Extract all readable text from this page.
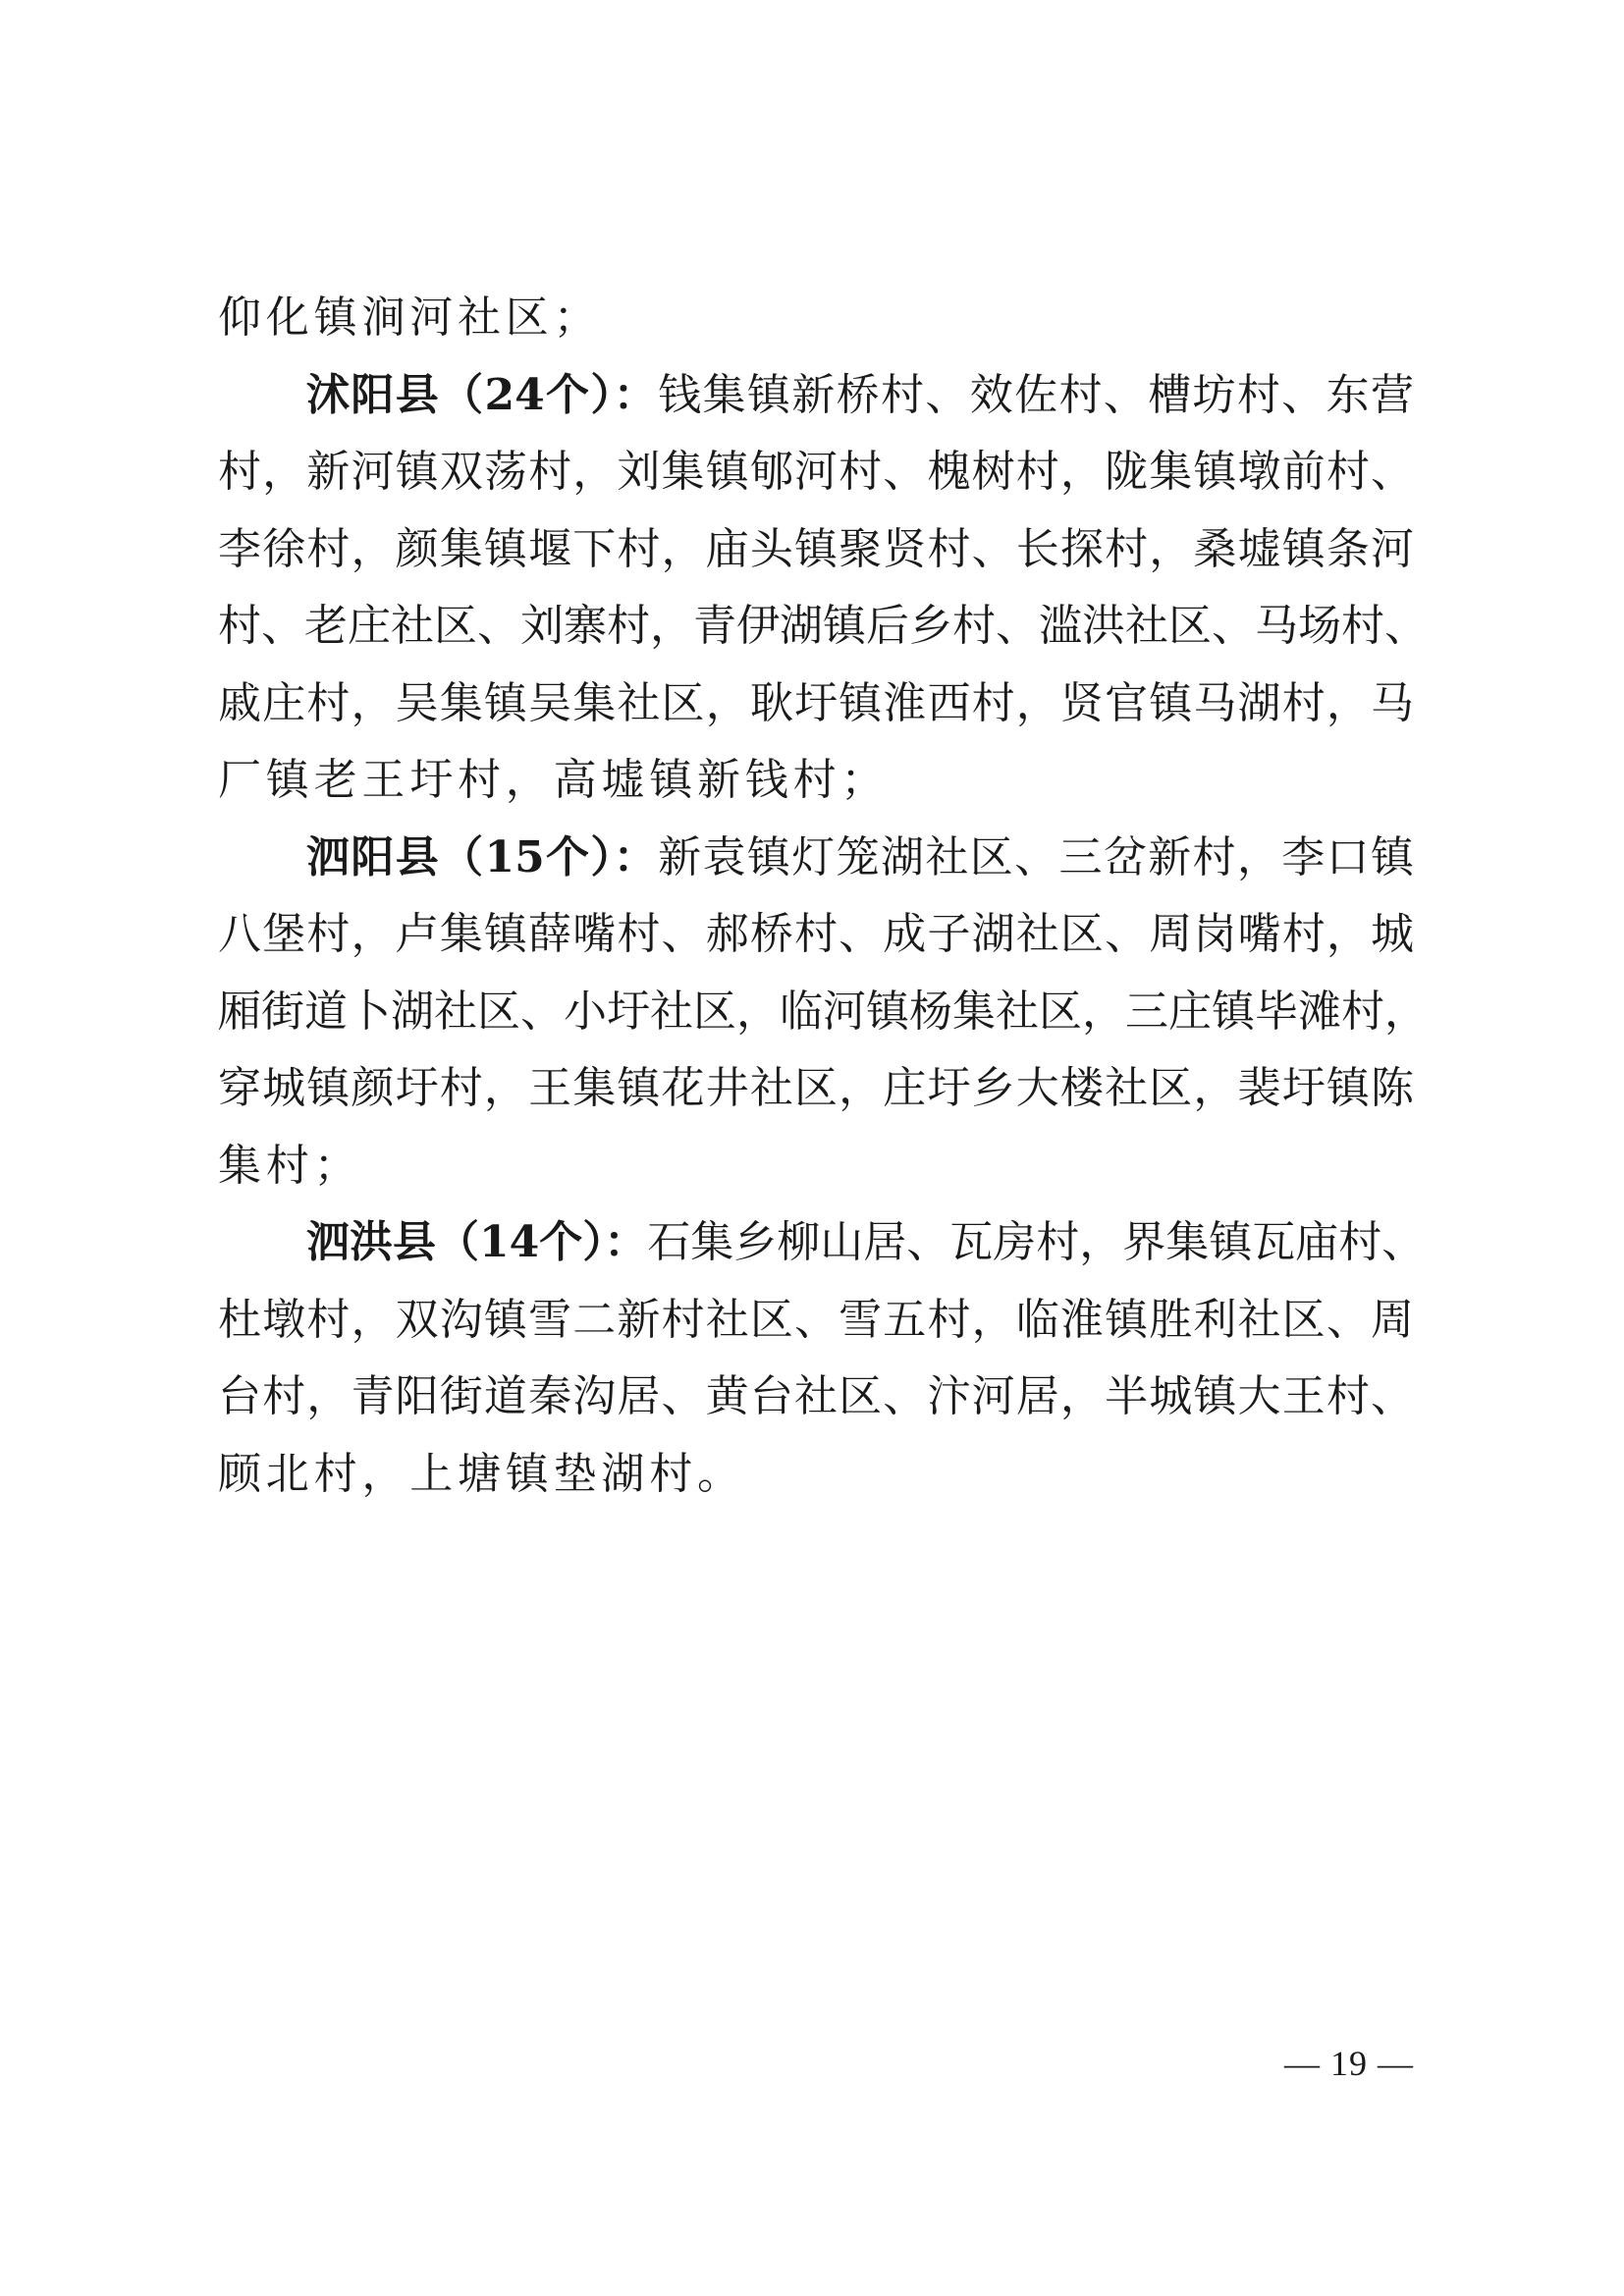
仰化镇涧河社区；
沭阳县（24个）：钱集镇新桥村、效佐村、槽坊村、东营
村，新河镇双荡村，刘集镇郇河村、槐树村，陇集镇墩前村、
李徐村，颜集镇堰下村，庙头镇聚贤村、长探村，桑墟镇条河
村、老庄社区、刘寨村，青伊湖镇后乡村、滥洪社区、马场村、
戚庄村，吴集镇吴集社区，耿圩镇淮西村，贤官镇马湖村，马
厂镇老王圩村，高墟镇新钱村；
泗阳县（15个）：新袁镇灯笼湖社区、三岔新村，李口镇
八堡村，卢集镇薛嘴村、郝桥村、成子湖社区、周岗嘴村，城
厢街道卜湖社区、小圩社区，临河镇杨集社区，三庄镇毕滩村，
穿城镇颜圩村，王集镇花井社区，庄圩乡大楼社区，裴圩镇陈
集村；
泗洪县（14个）：石集乡柳山居、瓦房村，界集镇瓦庙村、
杜墩村，双沟镇雪二新村社区、雪五村，临淮镇胜利社区、周
台村，青阳街道秦沟居、黄台社区、汴河居，半城镇大王村、
顾北村，上塘镇垫湖村。
— 19 —
